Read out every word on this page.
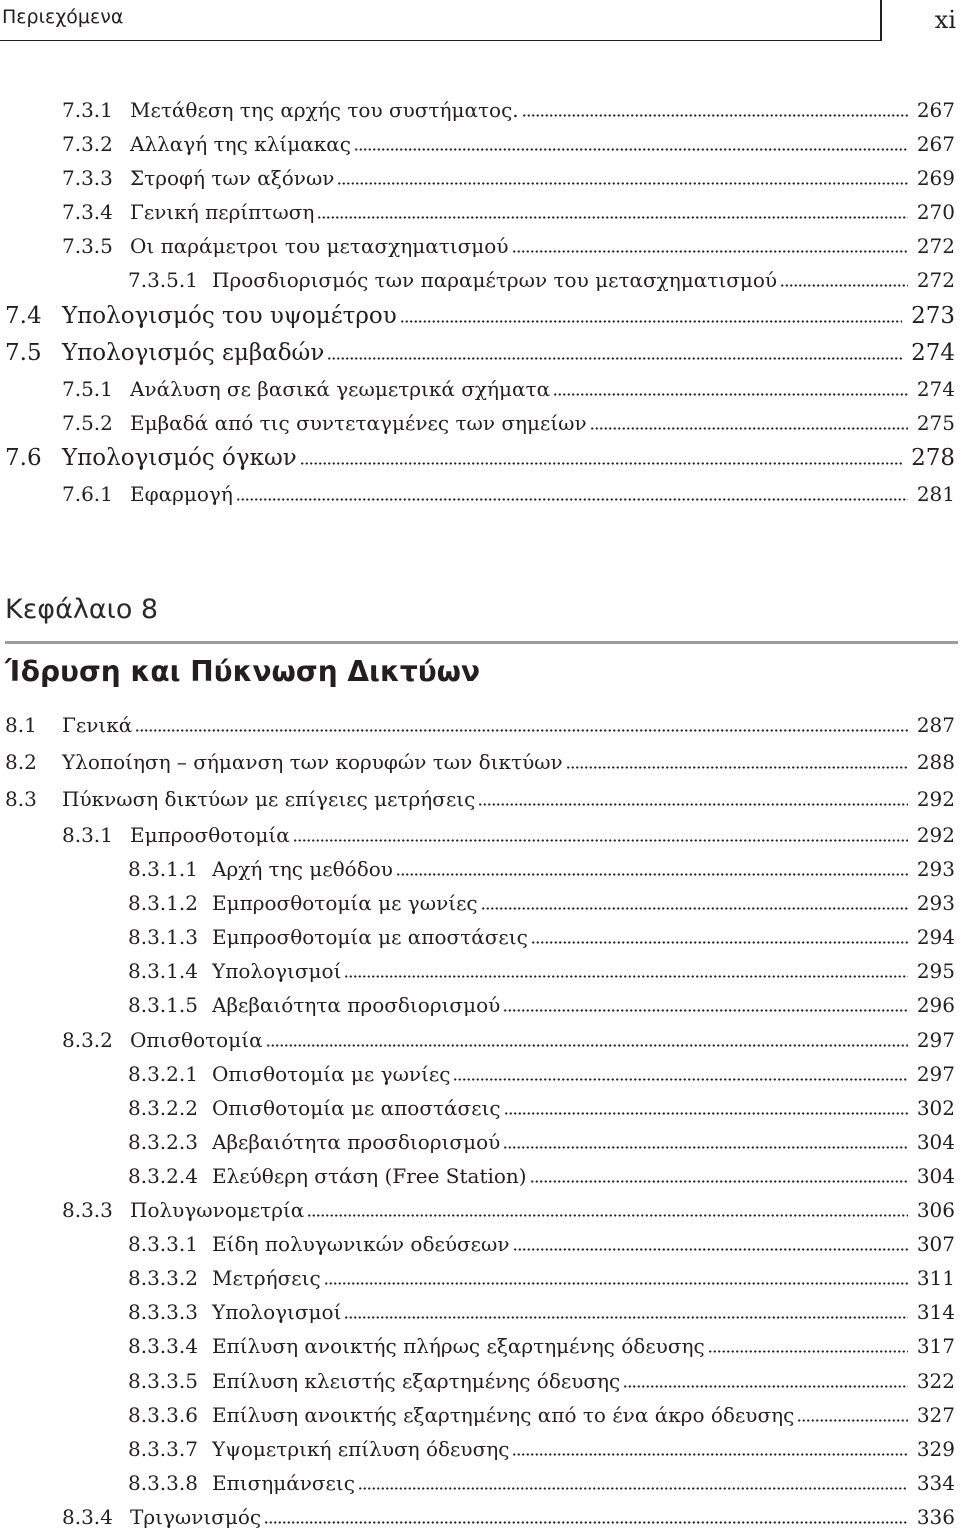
Περιεχόμενα	xi
7.3.1 Μετάθεση της αρχής του συστήματος.	267
7.3.2 Αλλαγή της κλίμακας	267
7.3.3 Στροφή των αξόνων	269
7.3.4 Γενική περίπτωση	270
7.3.5 Οι παράμετροι του μετασχηματισμού	272
7.3.5.1 Προσδιορισμός των παραμέτρων του μετασχηματισμού	272
7.4 Υπολογισμός του υψομέτρου	273
7.5 Υπολογισμός εμβαδών	274
7.5.1 Ανάλυση σε βασικά γεωμετρικά σχήματα	274
7.5.2 Εμβαδά από τις συντεταγμένες των σημείων	275
7.6 Υπολογισμός όγκων	278
7.6.1 Εφαρμογή	281
Κεφάλαιο 8
Ίδρυση και Πύκνωση Δικτύων
8.1	Γενικά	287
8.2	Υλοποίηση – σήμανση των κορυφών των δικτύων	288
8.3	Πύκνωση δικτύων με επίγειες μετρήσεις	292
8.3.1 Εμπροσθοτομία	292
8.3.1.1 Αρχή της μεθόδου	293
8.3.1.2 Εμπροσθοτομία με γωνίες	293
8.3.1.3 Εμπροσθοτομία με αποστάσεις	294
8.3.1.4 Υπολογισμοί	295
8.3.1.5 Αβεβαιότητα προσδιορισμού	296
8.3.2 Οπισθοτομία	297
8.3.2.1 Οπισθοτομία με γωνίες	297
8.3.2.2 Οπισθοτομία με αποστάσεις	302
8.3.2.3 Αβεβαιότητα προσδιορισμού	304
8.3.2.4 Ελεύθερη στάση (Free Station)	304
8.3.3 Πολυγωνομετρία	306
8.3.3.1 Είδη πολυγωνικών οδεύσεων	307
8.3.3.2 Μετρήσεις	311
8.3.3.3 Υπολογισμοί	314
8.3.3.4 Επίλυση ανοικτής πλήρως εξαρτημένης όδευσης	317
8.3.3.5 Επίλυση κλειστής εξαρτημένης όδευσης	322
8.3.3.6 Επίλυση ανοικτής εξαρτημένης από το ένα άκρο όδευσης	327
8.3.3.7 Υψομετρική επίλυση όδευσης	329
8.3.3.8 Επισημάνσεις	334
8.3.4 Τριγωνισμός	336
